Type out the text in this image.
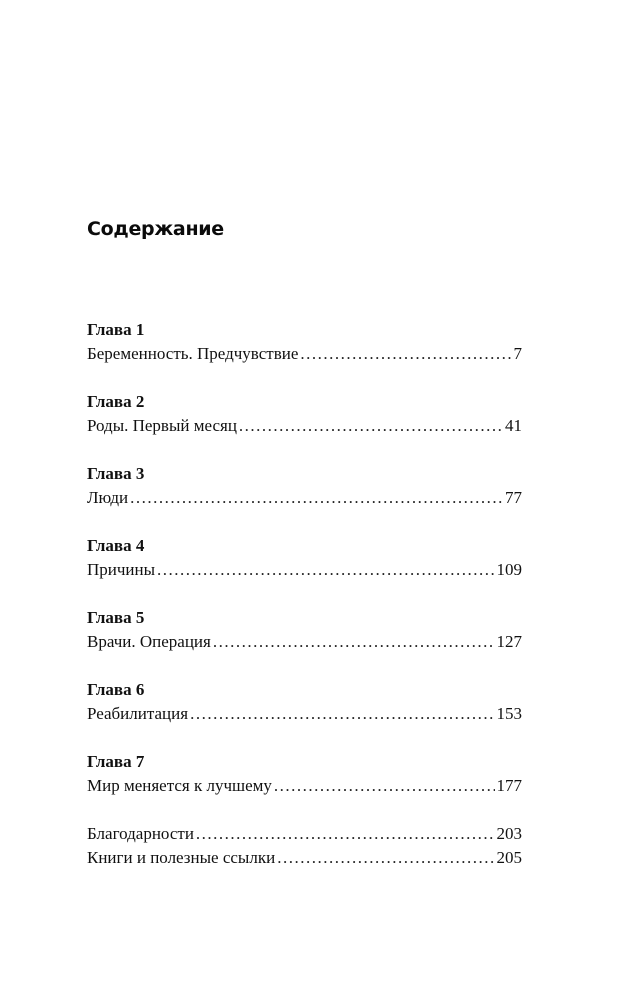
Содержание
Глава 1
Беременность. Предчувствие .....	7
Глава 2
Роды. Первый месяц .....	41
Глава 3
Люди .....	77
Глава 4
Причины .....	109
Глава 5
Врачи. Операция .....	127
Глава 6
Реабилитация .....	153
Глава 7
Мир меняется к лучшему .....	177
Благодарности .....	203
Книги и полезные ссылки .....	205
